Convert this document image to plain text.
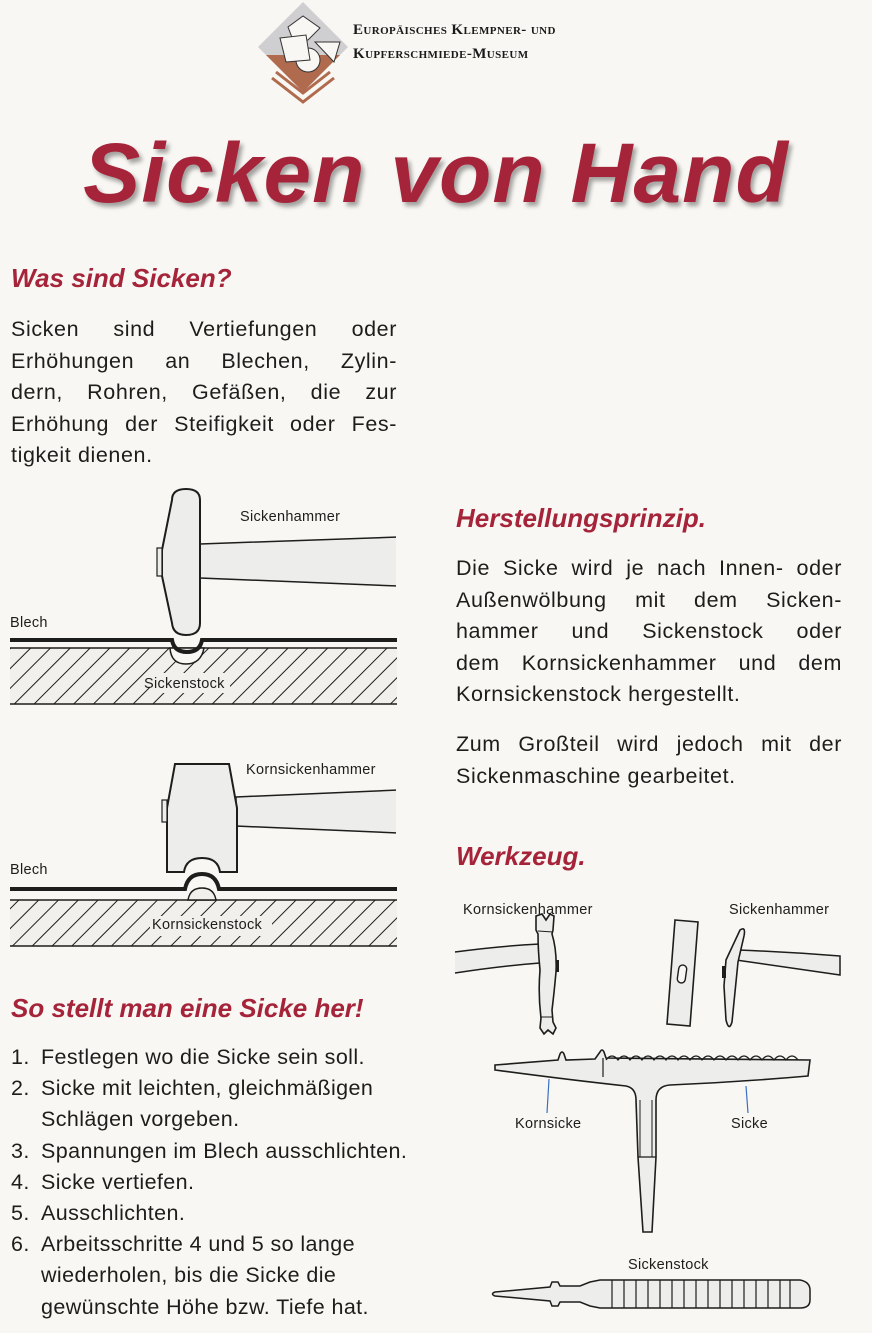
Europäisches Klempner- und
Kupferschmiede-Museum
Sicken von Hand
Was sind Sicken?
Sicken sind Vertiefungen oder
Erhöhungen an Blechen, Zylin-
dern, Rohren, Gefäßen, die zur
Erhöhung der Steifigkeit oder Fes-
tigkeit dienen.
Sickenhammer
Blech
Sickenstock
Kornsickenhammer
Blech
Kornsickenstock
So stellt man eine Sicke her!
1. Festlegen wo die Sicke sein soll.
2. Sicke mit leichten, gleichmäßigen Schlägen vorgeben.
3. Spannungen im Blech ausschlichten.
4. Sicke vertiefen.
5. Ausschlichten.
6. Arbeitsschritte 4 und 5 so lange wiederholen, bis die Sicke die gewünschte Höhe bzw. Tiefe hat.
Herstellungsprinzip.
Die Sicke wird je nach Innen- oder
Außenwölbung mit dem Sicken-
hammer und Sickenstock oder
dem Kornsickenhammer und dem
Kornsickenstock hergestellt.
Zum Großteil wird jedoch mit der
Sickenmaschine gearbeitet.
Werkzeug.
Kornsickenhammer	Sickenhammer
Kornsicke	Sicke
Sickenstock
